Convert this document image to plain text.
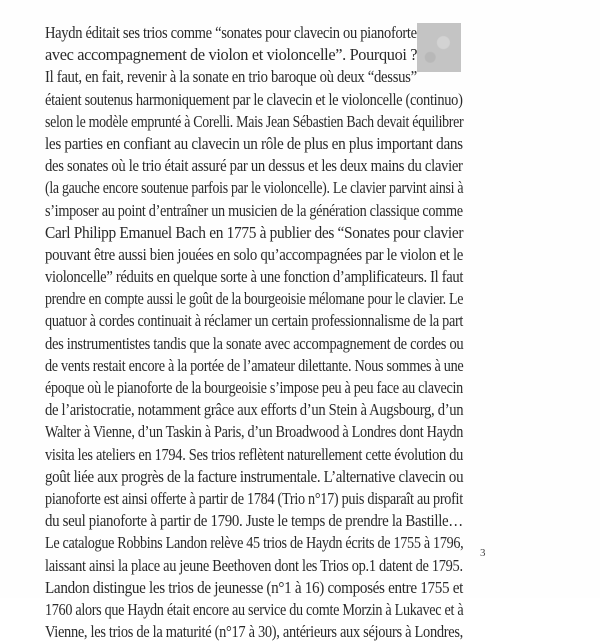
Haydn éditait ses trios comme “sonates pour clavecin ou pianoforte
avec accompagnement de violon et violoncelle”. Pourquoi ?
Il faut, en fait, revenir à la sonate en trio baroque où deux “dessus”
étaient soutenus harmoniquement par le clavecin et le violoncelle (continuo)
selon le modèle emprunté à Corelli. Mais Jean Sébastien Bach devait équilibrer
les parties en confiant au clavecin un rôle de plus en plus important dans
des sonates où le trio était assuré par un dessus et les deux mains du clavier
(la gauche encore soutenue parfois par le violoncelle). Le clavier parvint ainsi à
s’imposer au point d’entraîner un musicien de la génération classique comme
Carl Philipp Emanuel Bach en 1775 à publier des “Sonates pour clavier
pouvant être aussi bien jouées en solo qu’accompagnées par le violon et le
violoncelle” réduits en quelque sorte à une fonction d’amplificateurs. Il faut
prendre en compte aussi le goût de la bourgeoisie mélomane pour le clavier. Le
quatuor à cordes continuait à réclamer un certain professionnalisme de la part
des instrumentistes tandis que la sonate avec accompagnement de cordes ou
de vents restait encore à la portée de l’amateur dilettante. Nous sommes à une
époque où le pianoforte de la bourgeoisie s’impose peu à peu face au clavecin
de l’aristocratie, notamment grâce aux efforts d’un Stein à Augsbourg, d’un
Walter à Vienne, d’un Taskin à Paris, d’un Broadwood à Londres dont Haydn
visita les ateliers en 1794. Ses trios reflètent naturellement cette évolution du
goût liée aux progrès de la facture instrumentale. L’alternative clavecin ou
pianoforte est ainsi offerte à partir de 1784 (Trio n°17) puis disparaît au profit
du seul pianoforte à partir de 1790. Juste le temps de prendre la Bastille…
Le catalogue Robbins Landon relève 45 trios de Haydn écrits de 1755 à 1796,
laissant ainsi la place au jeune Beethoven dont les Trios op.1 datent de 1795.
Landon distingue les trios de jeunesse (n°1 à 16) composés entre 1755 et
1760 alors que Haydn était encore au service du comte Morzin à Lukavec et à
Vienne, les trios de la maturité (n°17 à 30), antérieurs aux séjours à Londres,
3
